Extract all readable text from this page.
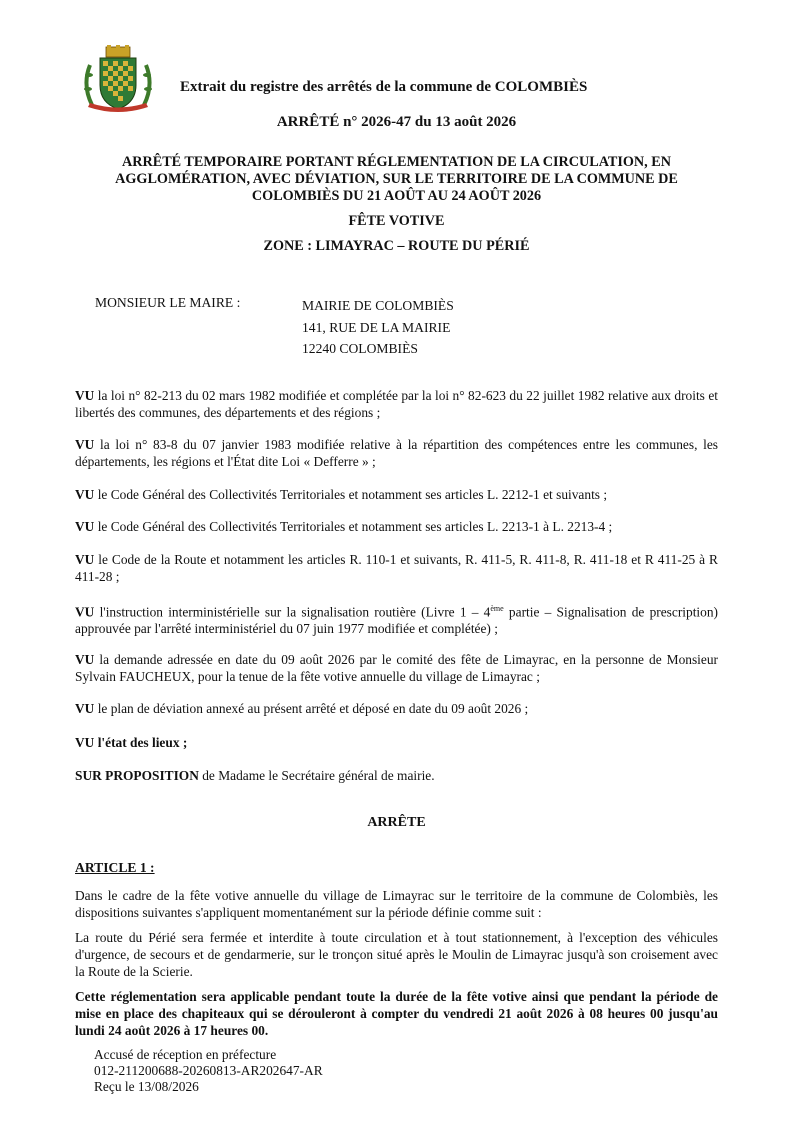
Extrait du registre des arrêtés de la commune de COLOMBIÈS
ARRÊTÉ n° 2026-47 du 13 août 2026
ARRÊTÉ TEMPORAIRE PORTANT RÉGLEMENTATION DE LA CIRCULATION, EN
AGGLOMÉRATION, AVEC DÉVIATION, SUR LE TERRITOIRE DE LA COMMUNE DE
COLOMBIÈS DU 21 AOÛT AU 24 AOÛT 2026
FÊTE VOTIVE
ZONE : LIMAYRAC – ROUTE DU PÉRIÉ
MONSIEUR LE MAIRE :	MAIRIE DE COLOMBIÈS
141, RUE DE LA MAIRIE
12240 COLOMBIÈS
VU la loi n° 82-213 du 02 mars 1982 modifiée et complétée par la loi n° 82-623 du 22 juillet 1982 relative aux droits et libertés des communes, des départements et des régions ;
VU la loi n° 83-8 du 07 janvier 1983 modifiée relative à la répartition des compétences entre les communes, les départements, les régions et l'État dite Loi « Defferre » ;
VU le Code Général des Collectivités Territoriales et notamment ses articles L. 2212-1 et suivants ;
VU le Code Général des Collectivités Territoriales et notamment ses articles L. 2213-1 à L. 2213-4 ;
VU le Code de la Route et notamment les articles R. 110-1 et suivants, R. 411-5, R. 411-8, R. 411-18 et R 411-25 à R 411-28 ;
VU l'instruction interministérielle sur la signalisation routière (Livre 1 – 4ème partie – Signalisation de prescription) approuvée par l'arrêté interministériel du 07 juin 1977 modifiée et complétée) ;
VU la demande adressée en date du 09 août 2026 par le comité des fête de Limayrac, en la personne de Monsieur Sylvain FAUCHEUX, pour la tenue de la fête votive annuelle du village de Limayrac ;
VU le plan de déviation annexé au présent arrêté et déposé en date du 09 août 2026 ;
VU l'état des lieux ;
SUR PROPOSITION de Madame le Secrétaire général de mairie.
ARRÊTE
ARTICLE 1 :
Dans le cadre de la fête votive annuelle du village de Limayrac sur le territoire de la commune de Colombiès, les dispositions suivantes s'appliquent momentanément sur la période définie comme suit :
La route du Périé sera fermée et interdite à toute circulation et à tout stationnement, à l'exception des véhicules d'urgence, de secours et de gendarmerie, sur le tronçon situé après le Moulin de Limayrac jusqu'à son croisement avec la Route de la Scierie.
Cette réglementation sera applicable pendant toute la durée de la fête votive ainsi que pendant la période de mise en place des chapiteaux qui se dérouleront à compter du vendredi 21 août 2026 à 08 heures 00 jusqu'au lundi 24 août 2026 à 17 heures 00.
Accusé de réception en préfecture
012-211200688-20260813-AR202647-AR
Reçu le 13/08/2026
